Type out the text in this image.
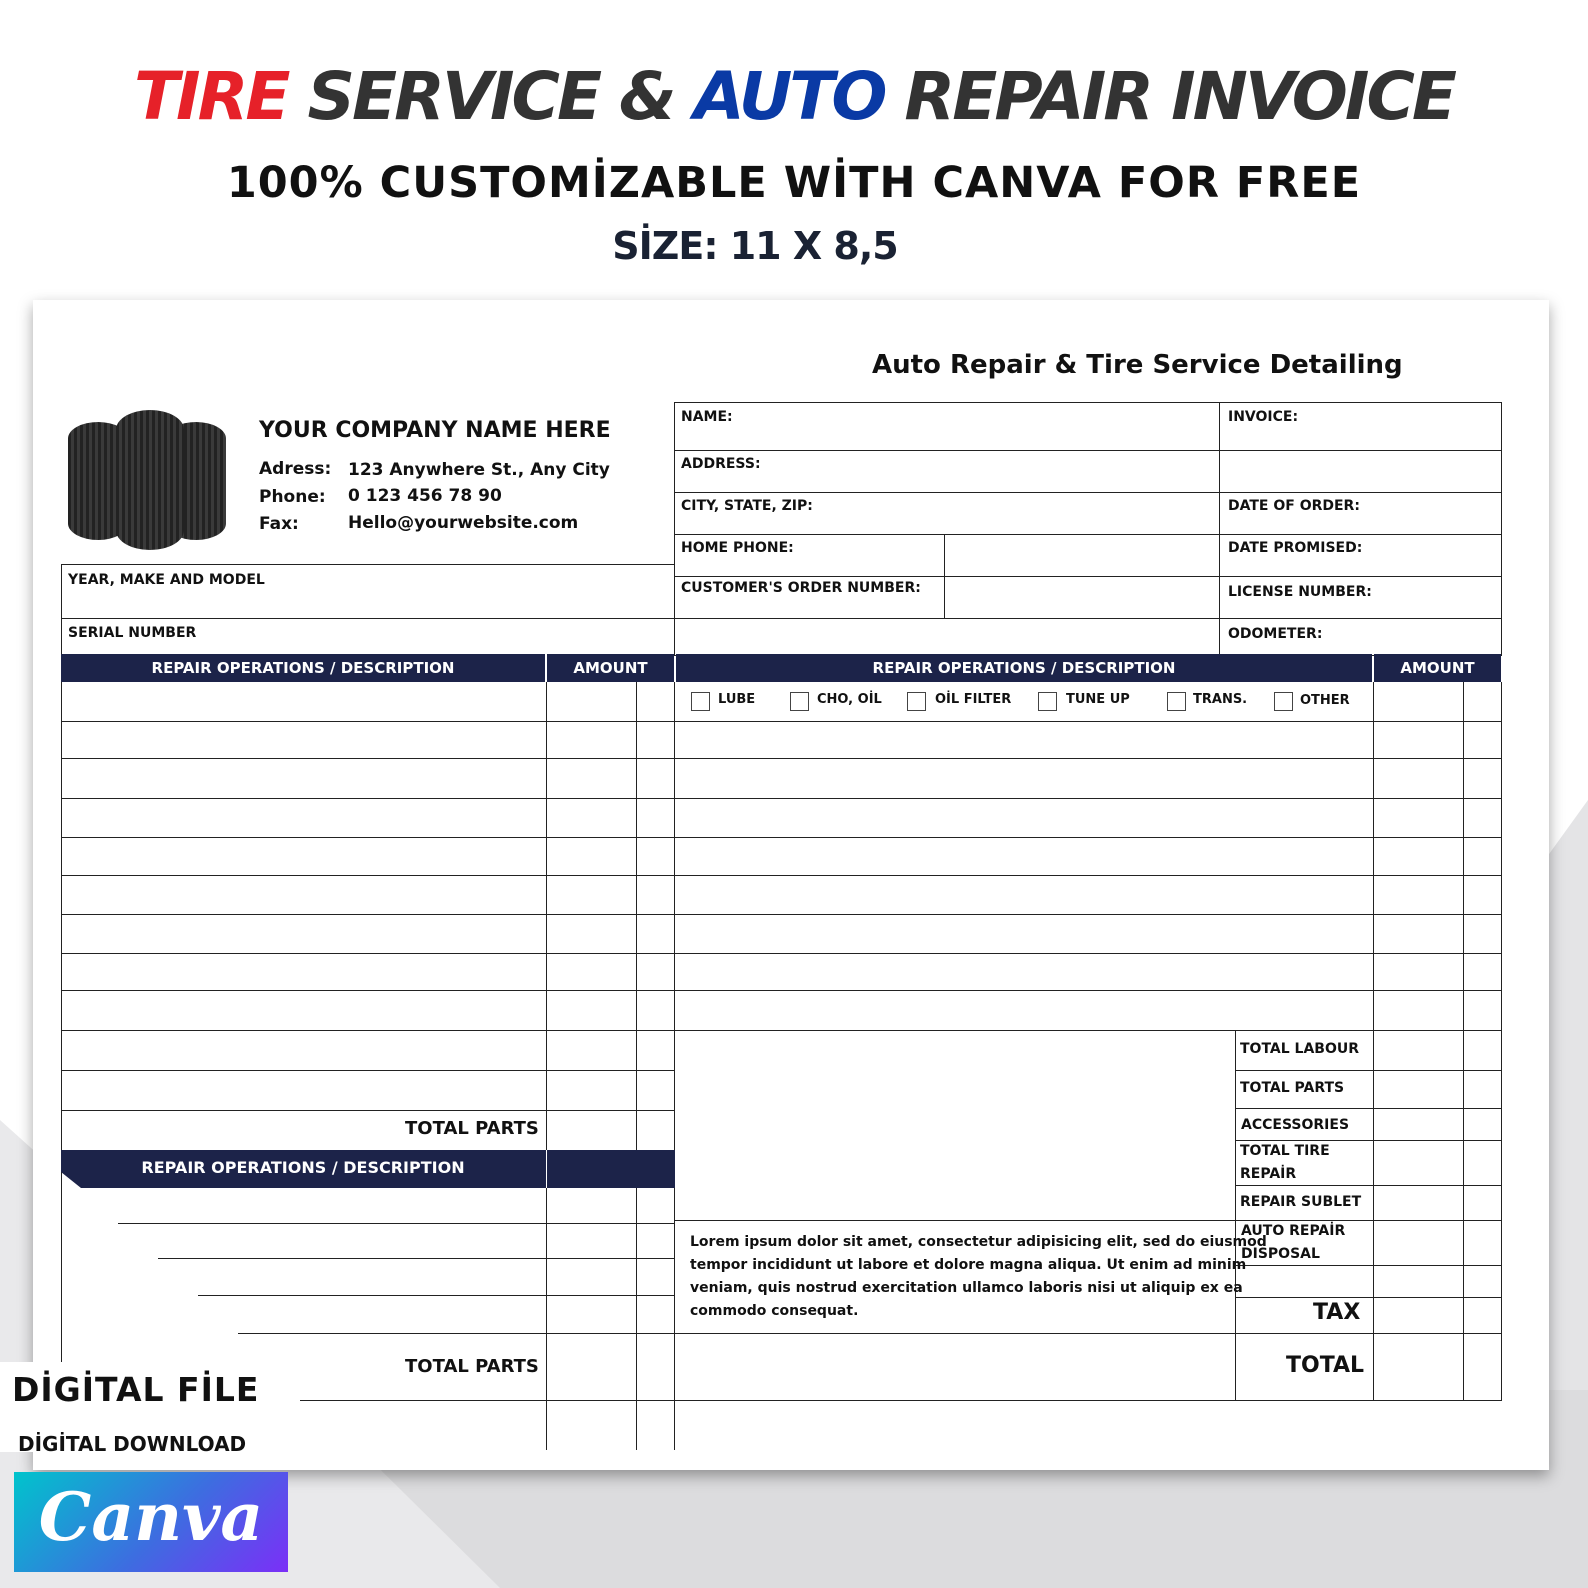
TIRE SERVICE & AUTO REPAIR INVOICE
100% CUSTOMİZABLE WİTH CANVA FOR FREE
SİZE: 11 X 8,5
Auto Repair & Tire Service Detailing
YOUR COMPANY NAME HERE
Adress: 123 Anywhere St., Any City
Phone: 0 123 456 78 90
Fax:	Hello@yourwebsite.com
NAME:	INVOICE:
ADDRESS:
CITY, STATE, ZIP:	DATE OF ORDER:
HOME PHONE:	DATE PROMISED:
CUSTOMER'S ORDER NUMBER:	LICENSE NUMBER:
ODOMETER:
YEAR, MAKE AND MODEL
SERIAL NUMBER
REPAIR OPERATIONS / DESCRIPTION	AMOUNT	REPAIR OPERATIONS / DESCRIPTION	AMOUNT
TOTAL PARTS
REPAIR OPERATIONS / DESCRIPTION
TOTAL PARTS
LUBE	CHO, OİL	OİL FILTER	TUNE UP	TRANS.	OTHER
TOTAL LABOUR
TOTAL PARTS
ACCESSORIES
TOTAL TIRE
REPAİR
REPAIR SUBLET
AUTO REPAİR
DISPOSAL
TAX
TOTAL
Lorem ipsum dolor sit amet, consectetur adipisicing elit, sed do eiusmod
tempor incididunt ut labore et dolore magna aliqua. Ut enim ad minim
veniam, quis nostrud exercitation ullamco laboris nisi ut aliquip ex ea
commodo consequat.
DİGİTAL FİLE
DİGİTAL DOWNLOAD
Canva
